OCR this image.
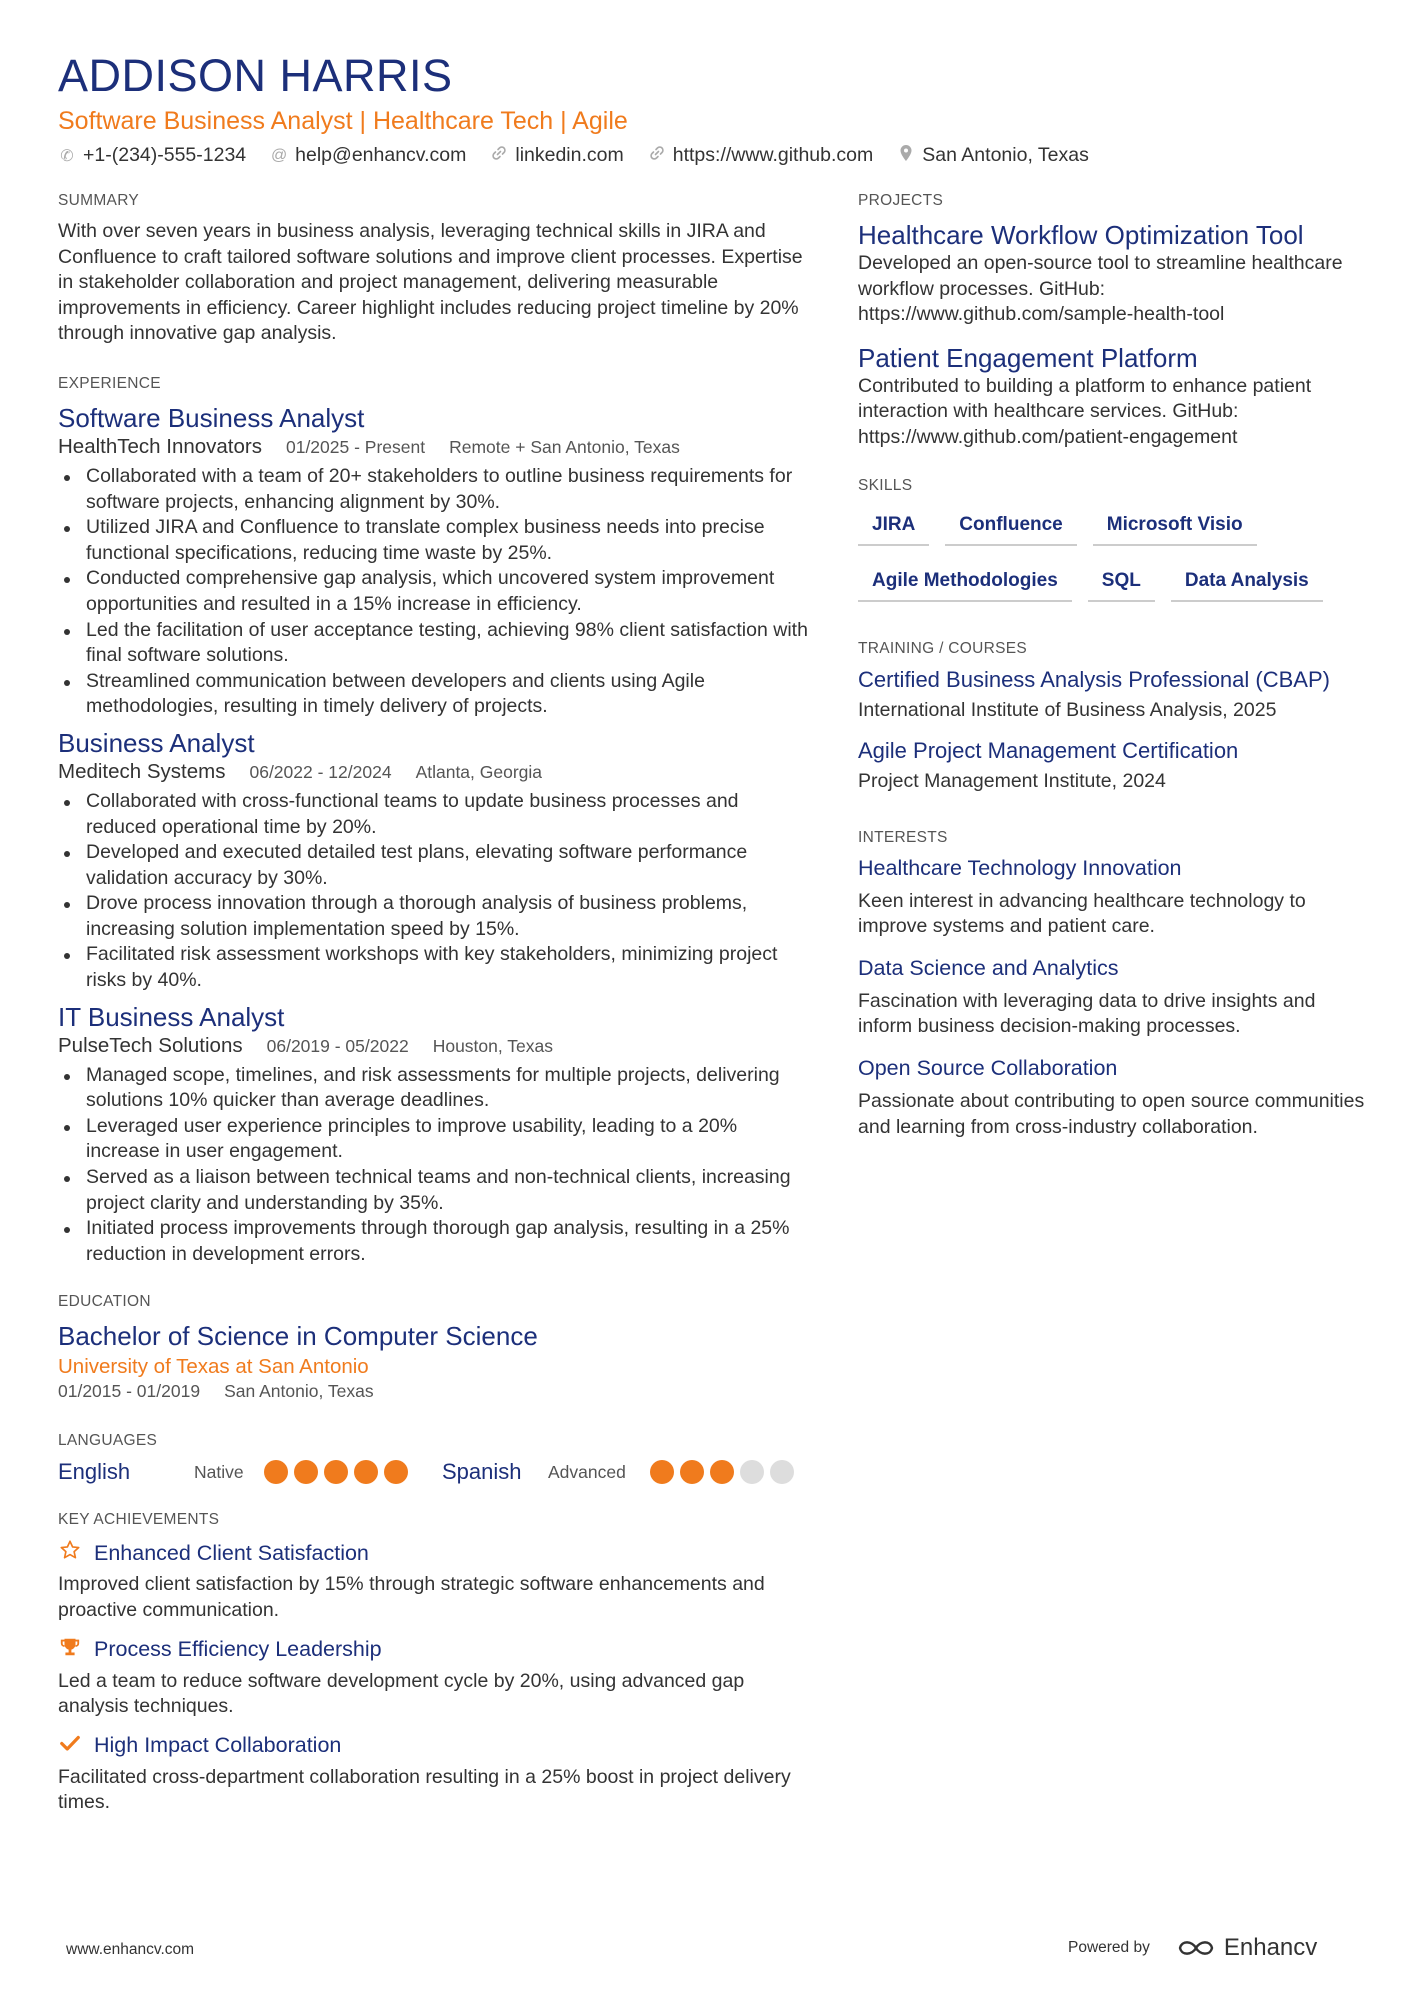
ADDISON HARRIS
Software Business Analyst | Healthcare Tech | Agile
✆ +1-(234)-555-1234 @ help@enhancv.com	linkedin.com	https://www.github.com	San Antonio, Texas
SUMMARY

With over seven years in business analysis, leveraging technical skills in JIRA and Confluence to craft tailored software solutions and improve client processes. Expertise in stakeholder collaboration and project management, delivering measurable improvements in efficiency. Career highlight includes reducing project timeline by 20% through innovative gap analysis.

EXPERIENCE
Software Business Analyst
HealthTech Innovators 01/2025 - Present Remote + San Antonio, Texas
Collaborated with a team of 20+ stakeholders to outline business requirements for software projects, enhancing alignment by 30%.
Utilized JIRA and Confluence to translate complex business needs into precise functional specifications, reducing time waste by 25%.
Conducted comprehensive gap analysis, which uncovered system improvement opportunities and resulted in a 15% increase in efficiency.
Led the facilitation of user acceptance testing, achieving 98% client satisfaction with final software solutions.
Streamlined communication between developers and clients using Agile methodologies, resulting in timely delivery of projects.
Business Analyst
Meditech Systems 06/2022 - 12/2024 Atlanta, Georgia
Collaborated with cross-functional teams to update business processes and reduced operational time by 20%.
Developed and executed detailed test plans, elevating software performance validation accuracy by 30%.
Drove process innovation through a thorough analysis of business problems, increasing solution implementation speed by 15%.
Facilitated risk assessment workshops with key stakeholders, minimizing project risks by 40%.
IT Business Analyst
PulseTech Solutions 06/2019 - 05/2022 Houston, Texas
Managed scope, timelines, and risk assessments for multiple projects, delivering solutions 10% quicker than average deadlines.
Leveraged user experience principles to improve usability, leading to a 20% increase in user engagement.
Served as a liaison between technical teams and non-technical clients, increasing project clarity and understanding by 35%.
Initiated process improvements through thorough gap analysis, resulting in a 25% reduction in development errors.
EDUCATION
Bachelor of Science in Computer Science
University of Texas at San Antonio
01/2015 - 01/2019 San Antonio, Texas
LANGUAGES
English	Native	Spanish	Advanced
KEY ACHIEVEMENTS
Enhanced Client Satisfaction

Improved client satisfaction by 15% through strategic software enhancements and proactive communication.

Process Efficiency Leadership

Led a team to reduce software development cycle by 20%, using advanced gap analysis techniques.

High Impact Collaboration

Facilitated cross-department collaboration resulting in a 25% boost in project delivery times.

PROJECTS
Healthcare Workflow Optimization Tool

Developed an open-source tool to streamline healthcare workflow processes. GitHub: https://www.github.com/sample-health-tool

Patient Engagement Platform

Contributed to building a platform to enhance patient interaction with healthcare services. GitHub: https://www.github.com/patient-engagement

SKILLS
JIRA	Confluence	Microsoft Visio
Agile Methodologies	SQL	Data Analysis
TRAINING / COURSES
Certified Business Analysis Professional (CBAP)
International Institute of Business Analysis, 2025
Agile Project Management Certification
Project Management Institute, 2024
INTERESTS
Healthcare Technology Innovation

Keen interest in advancing healthcare technology to improve systems and patient care.

Data Science and Analytics

Fascination with leveraging data to drive insights and inform business decision-making processes.

Open Source Collaboration

Passionate about contributing to open source communities and learning from cross-industry collaboration.

www.enhancv.com	Powered by	Enhancv
